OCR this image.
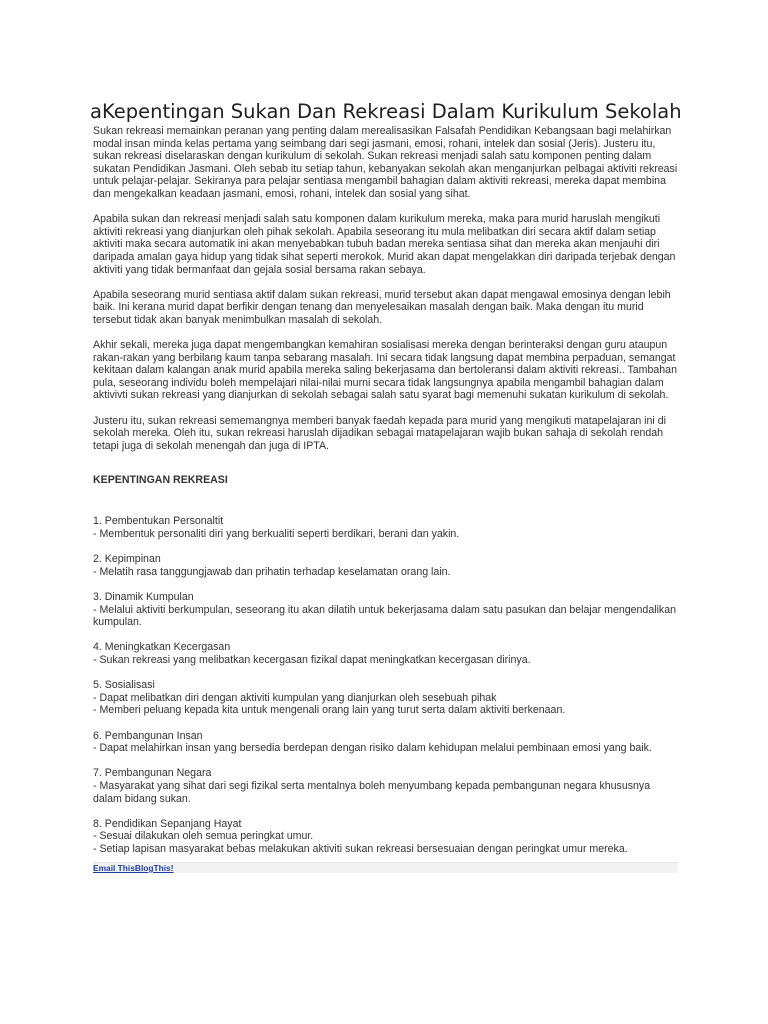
aKepentingan Sukan Dan Rekreasi Dalam Kurikulum Sekolah

Sukan rekreasi memainkan peranan yang penting dalam merealisasikan Falsafah Pendidikan Kebangsaan bagi melahirkan modal insan minda kelas pertama yang seimbang dari segi jasmani, emosi, rohani, intelek dan sosial (Jeris). Justeru itu, sukan rekreasi diselaraskan dengan kurikulum di sekolah. Sukan rekreasi menjadi salah satu komponen penting dalam sukatan Pendidikan Jasmani. Oleh sebab itu setiap tahun, kebanyakan sekolah akan menganjurkan pelbagai aktiviti rekreasi untuk pelajar-pelajar. Sekiranya para pelajar sentiasa mengambil bahagian dalam aktiviti rekreasi, mereka dapat membina dan mengekalkan keadaan jasmani, emosi, rohani, intelek dan sosial yang sihat.

Apabila sukan dan rekreasi menjadi salah satu komponen dalam kurikulum mereka, maka para murid haruslah mengikuti aktiviti rekreasi yang dianjurkan oleh pihak sekolah. Apabila seseorang itu mula melibatkan diri secara aktif dalam setiap aktiviti maka secara automatik ini akan menyebabkan tubuh badan mereka sentiasa sihat dan mereka akan menjauhi diri daripada amalan gaya hidup yang tidak sihat seperti merokok. Murid akan dapat mengelakkan diri daripada terjebak dengan aktiviti yang tidak bermanfaat dan gejala sosial bersama rakan sebaya.

Apabila seseorang murid sentiasa aktif dalam sukan rekreasi, murid tersebut akan dapat mengawal emosinya dengan lebih baik. Ini kerana murid dapat berfikir dengan tenang dan menyelesaikan masalah dengan baik. Maka dengan itu murid tersebut tidak akan banyak menimbulkan masalah di sekolah.

Akhir sekali, mereka juga dapat mengembangkan kemahiran sosialisasi mereka dengan berinteraksi dengan guru ataupun rakan-rakan yang berbilang kaum tanpa sebarang masalah. Ini secara tidak langsung dapat membina perpaduan, semangat kekitaan dalam kalangan anak murid apabila mereka saling bekerjasama dan bertoleransi dalam aktiviti rekreasi.. Tambahan pula, seseorang individu boleh mempelajari nilai-nilai murni secara tidak langsungnya apabila mengambil bahagian dalam aktivivti sukan rekreasi yang dianjurkan di sekolah sebagai salah satu syarat bagi memenuhi sukatan kurikulum di sekolah.

Justeru itu, sukan rekreasi sememangnya memberi banyak faedah kepada para murid yang mengikuti matapelajaran ini di sekolah mereka. Oleh itu, sukan rekreasi haruslah dijadikan sebagai matapelajaran wajib bukan sahaja di sekolah rendah tetapi juga di sekolah menengah dan juga di IPTA.

KEPENTINGAN REKREASI
1. Pembentukan Personaltit
- Membentuk personaliti diri yang berkualiti seperti berdikari, berani dan yakin.
2. Kepimpinan
- Melatih rasa tanggungjawab dan prihatin terhadap keselamatan orang lain.
3. Dinamik Kumpulan
- Melalui aktiviti berkumpulan, seseorang itu akan dilatih untuk bekerjasama dalam satu pasukan dan belajar mengendalikan kumpulan.
4. Meningkatkan Kecergasan
- Sukan rekreasi yang melibatkan kecergasan fizikal dapat meningkatkan kecergasan dirinya.
5. Sosialisasi
- Dapat melibatkan diri dengan aktiviti kumpulan yang dianjurkan oleh sesebuah pihak
- Memberi peluang kepada kita untuk mengenali orang lain yang turut serta dalam aktiviti berkenaan.
6. Pembangunan Insan
- Dapat melahirkan insan yang bersedia berdepan dengan risiko dalam kehidupan melalui pembinaan emosi yang baik.
7. Pembangunan Negara
- Masyarakat yang sihat dari segi fizikal serta mentalnya boleh menyumbang kepada pembangunan negara khususnya dalam bidang sukan.
8. Pendidikan Sepanjang Hayat
- Sesuai dilakukan oleh semua peringkat umur.
- Setiap lapisan masyarakat bebas melakukan aktiviti sukan rekreasi bersesuaian dengan peringkat umur mereka.
Email ThisBlogThis!
